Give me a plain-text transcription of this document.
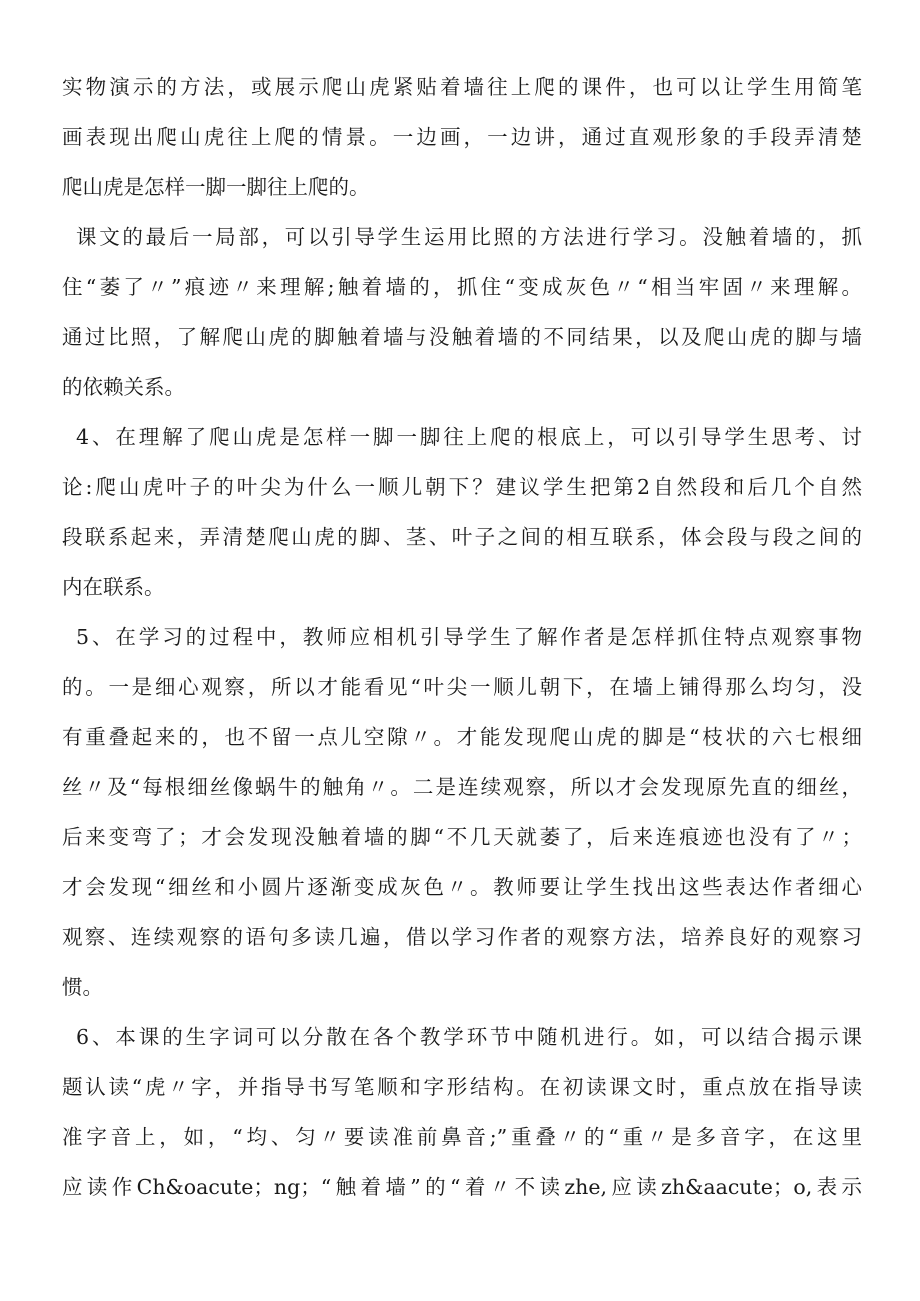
实物演示的方法，或展示爬山虎紧贴着墙往上爬的课件，也可以让学生用简笔
画表现出爬山虎往上爬的情景。一边画，一边讲，通过直观形象的手段弄清楚
爬山虎是怎样一脚一脚往上爬的。
课文的最后一局部，可以引导学生运用比照的方法进行学习。没触着墙的，抓
住“萎了〃”痕迹〃来理解;触着墙的，抓住“变成灰色〃“相当牢固〃来理解。
通过比照，了解爬山虎的脚触着墙与没触着墙的不同结果，以及爬山虎的脚与墙
的依赖关系。
4、在理解了爬山虎是怎样一脚一脚往上爬的根底上，可以引导学生思考、讨
论:爬山虎叶子的叶尖为什么一顺儿朝下？建议学生把第2自然段和后几个自然
段联系起来，弄清楚爬山虎的脚、茎、叶子之间的相互联系，体会段与段之间的
内在联系。
5、在学习的过程中，教师应相机引导学生了解作者是怎样抓住特点观察事物
的。一是细心观察，所以才能看见“叶尖一顺儿朝下，在墙上铺得那么均匀，没
有重叠起来的，也不留一点儿空隙〃。才能发现爬山虎的脚是“枝状的六七根细
丝〃及“每根细丝像蜗牛的触角〃。二是连续观察，所以才会发现原先直的细丝，
后来变弯了；才会发现没触着墙的脚“不几天就萎了，后来连痕迹也没有了〃；
才会发现“细丝和小圆片逐渐变成灰色〃。教师要让学生找出这些表达作者细心
观察、连续观察的语句多读几遍，借以学习作者的观察方法，培养良好的观察习
惯。
6、本课的生字词可以分散在各个教学环节中随机进行。如，可以结合揭示课
题认读“虎〃字，并指导书写笔顺和字形结构。在初读课文时，重点放在指导读
准字音上，如，“均、匀〃要读准前鼻音;”重叠〃的“重〃是多音字，在这里
应读作Ch&oacute；ng；“触着墙”的“着〃不读zhe,应读zh&aacute；o,表示
